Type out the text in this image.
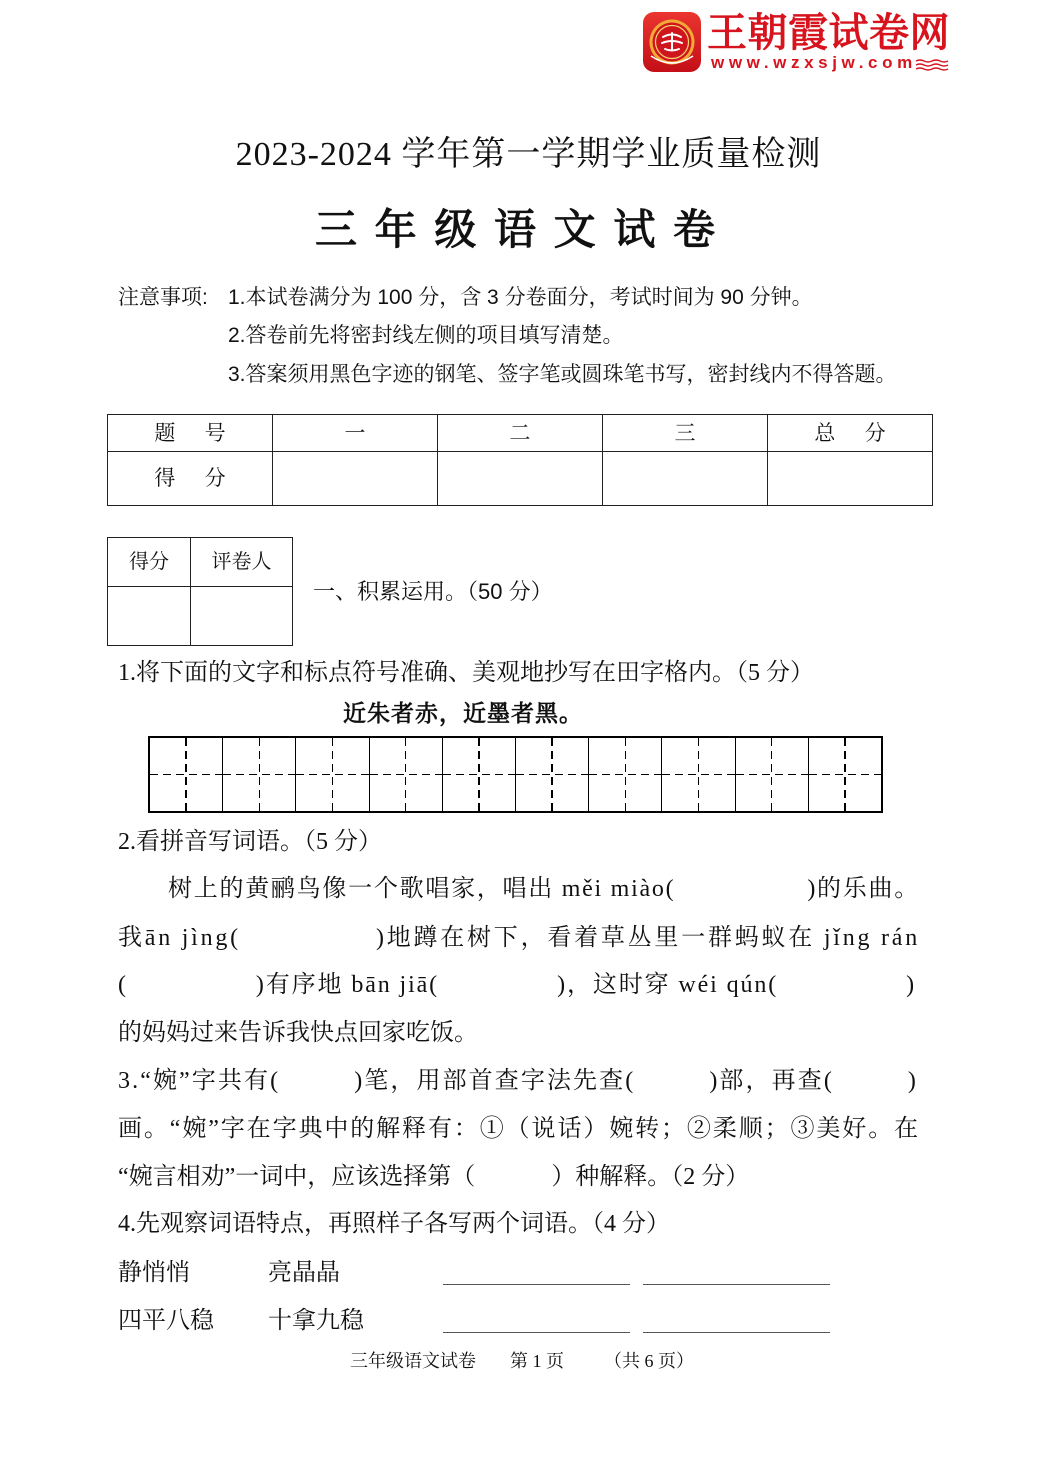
王朝霞试卷网
www.wzxsjw.com
2023-2024 学年第一学期学业质量检测
三 年 级 语 文 试 卷
注意事项: 1.本试卷满分为 100 分，含 3 分卷面分，考试时间为 90 分钟。
2.答卷前先将密封线左侧的项目填写清楚。
3.答案须用黑色字迹的钢笔、签字笔或圆珠笔书写，密封线内不得答题。
题 号	一	二	三	总 分
得 分				
得分	评卷人

一、积累运用。（50 分）
1.将下面的文字和标点符号准确、美观地抄写在田字格内。（5 分）
近朱者赤，近墨者黑。
2.看拼音写词语。（5 分）
树上的黄鹂鸟像一个歌唱家，唱出 měi miào(	)的乐曲。
我ān jìng(	)地蹲在树下，看着草丛里一群蚂蚁在 jǐng rán
(	)有序地 bān jiā(	)，这时穿 wéi qún(	)
的妈妈过来告诉我快点回家吃饭。
3.“婉”字共有(	)笔，用部首查字法先查(	)部，再查(	)
画。“婉”字在字典中的解释有：①（说话）婉转；②柔顺；③美好。在
“婉言相劝”一词中，应该选择第（	）种解释。（2 分）
4.先观察词语特点，再照样子各写两个词语。（4 分）
静悄悄	亮晶晶
四平八稳 十拿九稳
三年级语文试卷 第 1 页 （共 6 页）
